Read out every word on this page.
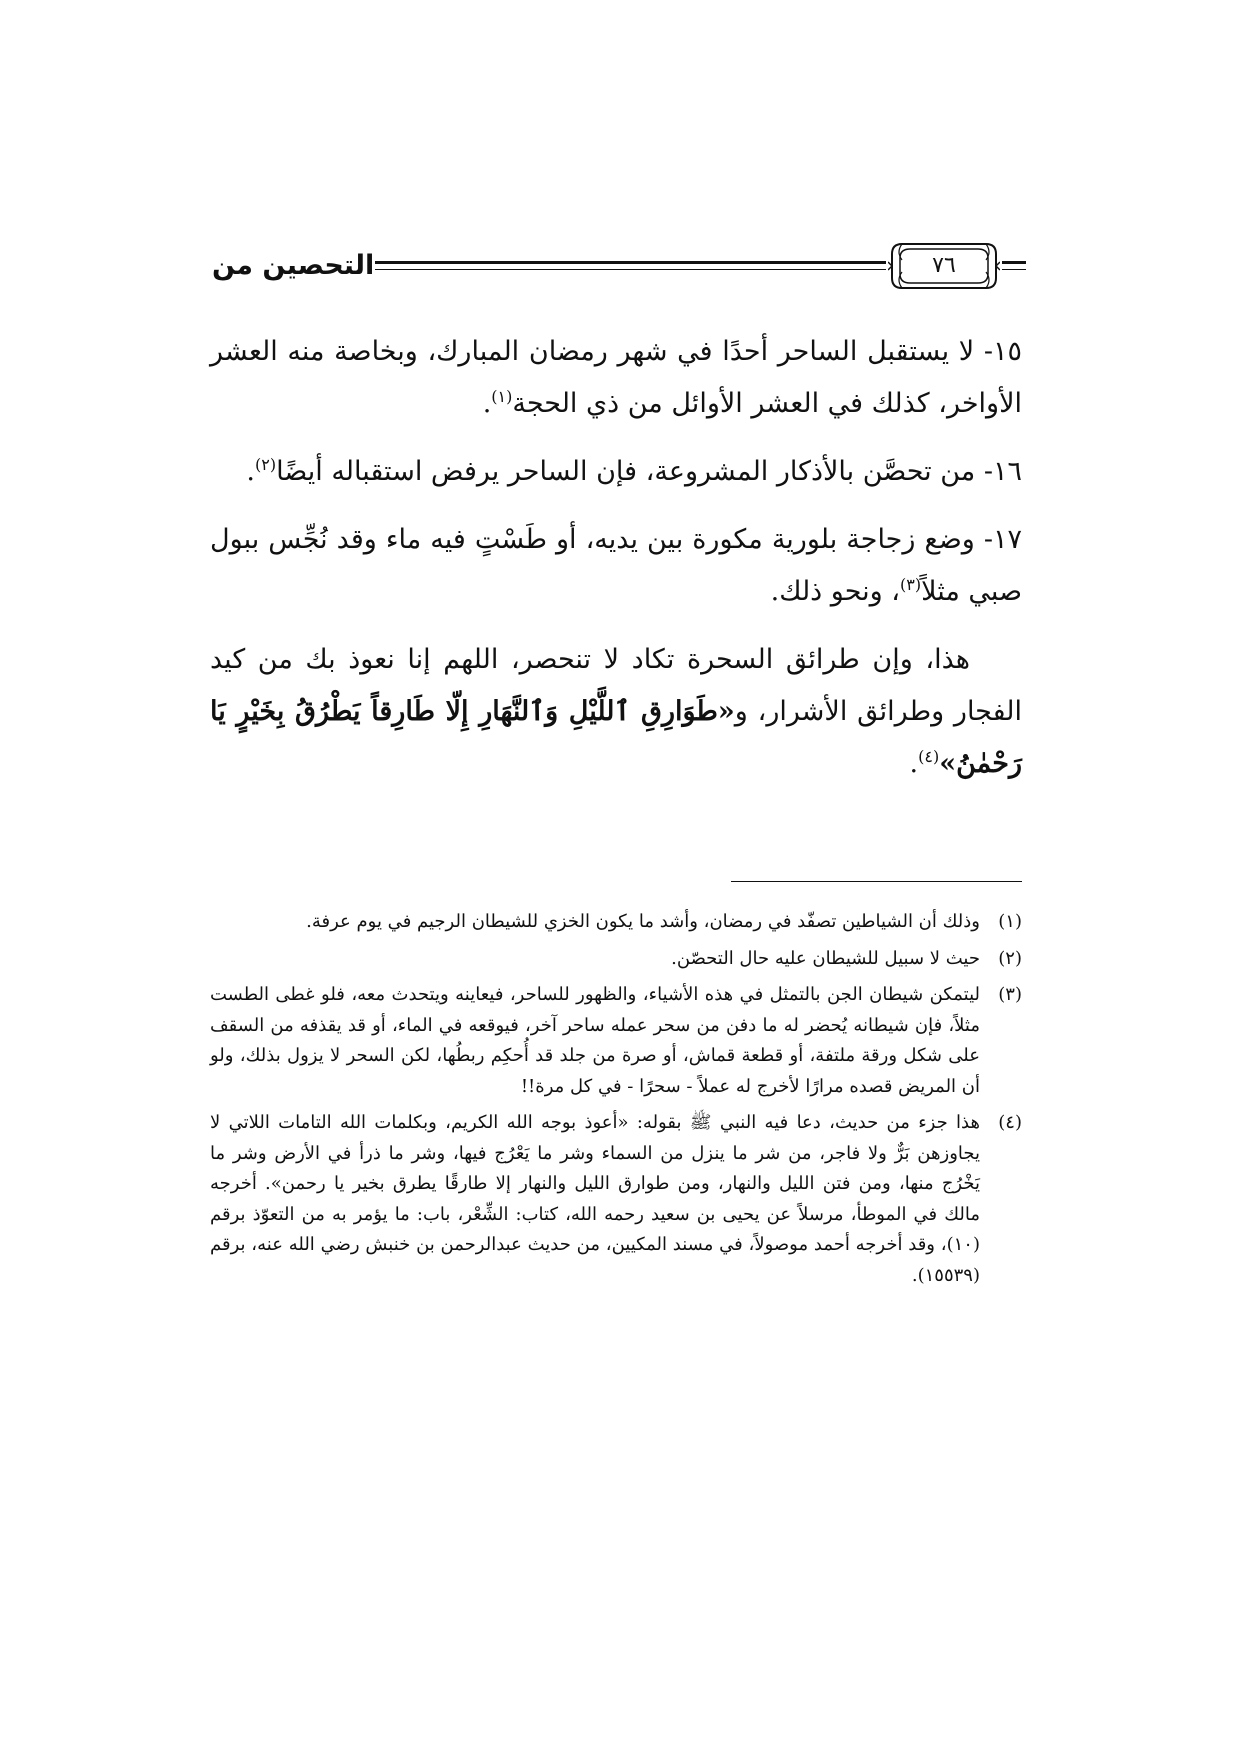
التحصين من	٧٦

١٥- لا يستقبل الساحر أحدًا في شهر رمضان المبارك، وبخاصة منه العشر الأواخر، كذلك في العشر الأوائل من ذي الحجة$^{(١)}$.

١٦- من تحصَّن بالأذكار المشروعة، فإن الساحر يرفض استقباله أيضًا$^{(٢)}$.

١٧- وضع زجاجة بلورية مكورة بين يديه، أو طَسْتٍ فيه ماء وقد نُجِّس ببول صبي مثلاً$^{(٣)}$، ونحو ذلك.

هذا، وإن طرائق السحرة تكاد لا تنحصر، اللهم إنا نعوذ بك من كيد الفجار وطرائق الأشرار، و«طَوَارِقِ ٱللَّيْلِ وَٱلنَّهَارِ إِلّا طَارِقاً يَطْرُقُ بِخَيْرٍ يَا رَحْمٰنُ»$^{(٤)}$.

(١)
وذلك أن الشياطين تصفّد في رمضان، وأشد ما يكون الخزي للشيطان الرجيم في يوم عرفة.
(٢)
حيث لا سبيل للشيطان عليه حال التحصّن.
(٣)
ليتمكن شيطان الجن بالتمثل في هذه الأشياء، والظهور للساحر، فيعاينه ويتحدث معه، فلو غطى الطست مثلاً، فإن شيطانه يُحضر له ما دفن من سحر عمله ساحر آخر، فيوقعه في الماء، أو قد يقذفه من السقف على شكل ورقة ملتفة، أو قطعة قماش، أو صرة من جلد قد أُحكِم ربطُها، لكن السحر لا يزول بذلك، ولو أن المريض قصده مرارًا لأخرج له عملاً - سحرًا - في كل مرة!!
(٤)
هذا جزء من حديث، دعا فيه النبي ﷺ بقوله: «أعوذ بوجه الله الكريم، وبكلمات الله التامات اللاتي لا يجاوزهن بَرٌّ ولا فاجر، من شر ما ينزل من السماء وشر ما يَعْرُج فيها، وشر ما ذرأ في الأرض وشر ما يَخْرُج منها، ومن فتن الليل والنهار، ومن طوارق الليل والنهار إلا طارقًا يطرق بخير يا رحمن». أخرجه مالك في الموطأ، مرسلاً عن يحيى بن سعيد رحمه الله، كتاب: الشِّعْر، باب: ما يؤمر به من التعوّذ برقم (١٠)، وقد أخرجه أحمد موصولاً، في مسند المكيين، من حديث عبدالرحمن بن خنبش رضي الله عنه، برقم (١٥٥٣٩).
